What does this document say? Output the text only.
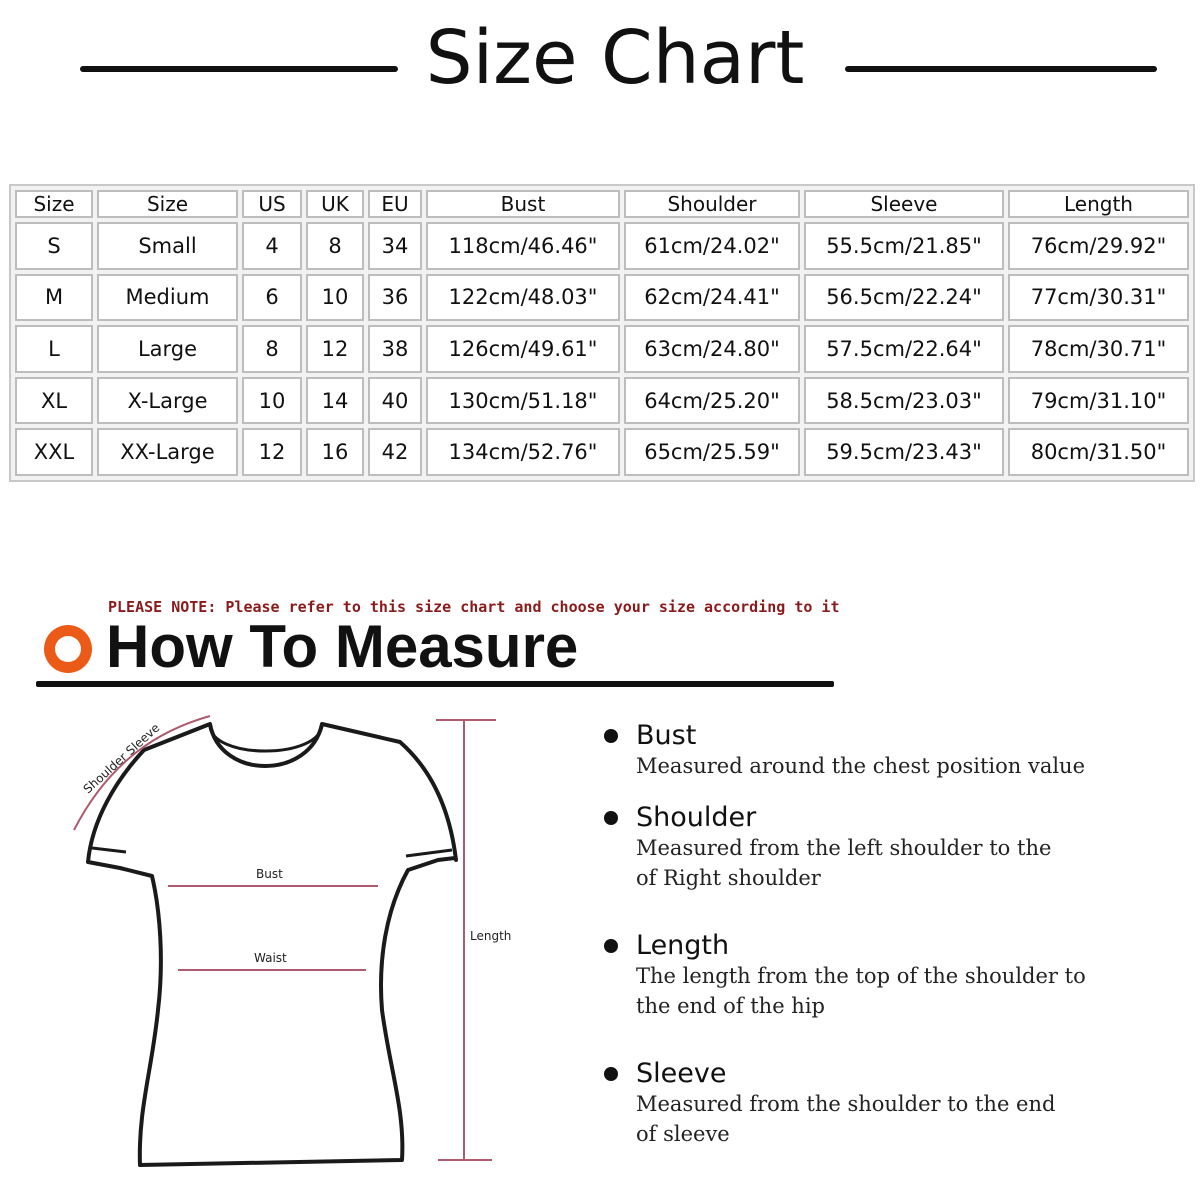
Size Chart
Size	Size	US	UK	EU	Bust	Shoulder	Sleeve	Length
S	Small	4	8	34	118cm/46.46"	61cm/24.02"	55.5cm/21.85"	76cm/29.92"
M	Medium	6	10	36	122cm/48.03"	62cm/24.41"	56.5cm/22.24"	77cm/30.31"
L	Large	8	12	38	126cm/49.61"	63cm/24.80"	57.5cm/22.64"	78cm/30.71"
XL	X-Large	10	14	40	130cm/51.18"	64cm/25.20"	58.5cm/23.03"	79cm/31.10"
XXL	XX-Large	12	16	42	134cm/52.76"	65cm/25.59"	59.5cm/23.43"	80cm/31.50"
PLEASE NOTE: Please refer to this size chart and choose your size according to it
How To Measure
Shoulder Sleeve
Bust
Waist
Length
Bust
Measured around the chest position value
Shoulder
Measured from the left shoulder to the
of Right shoulder
Length
The length from the top of the shoulder to
the end of the hip
Sleeve
Measured from the shoulder to the end
of sleeve
